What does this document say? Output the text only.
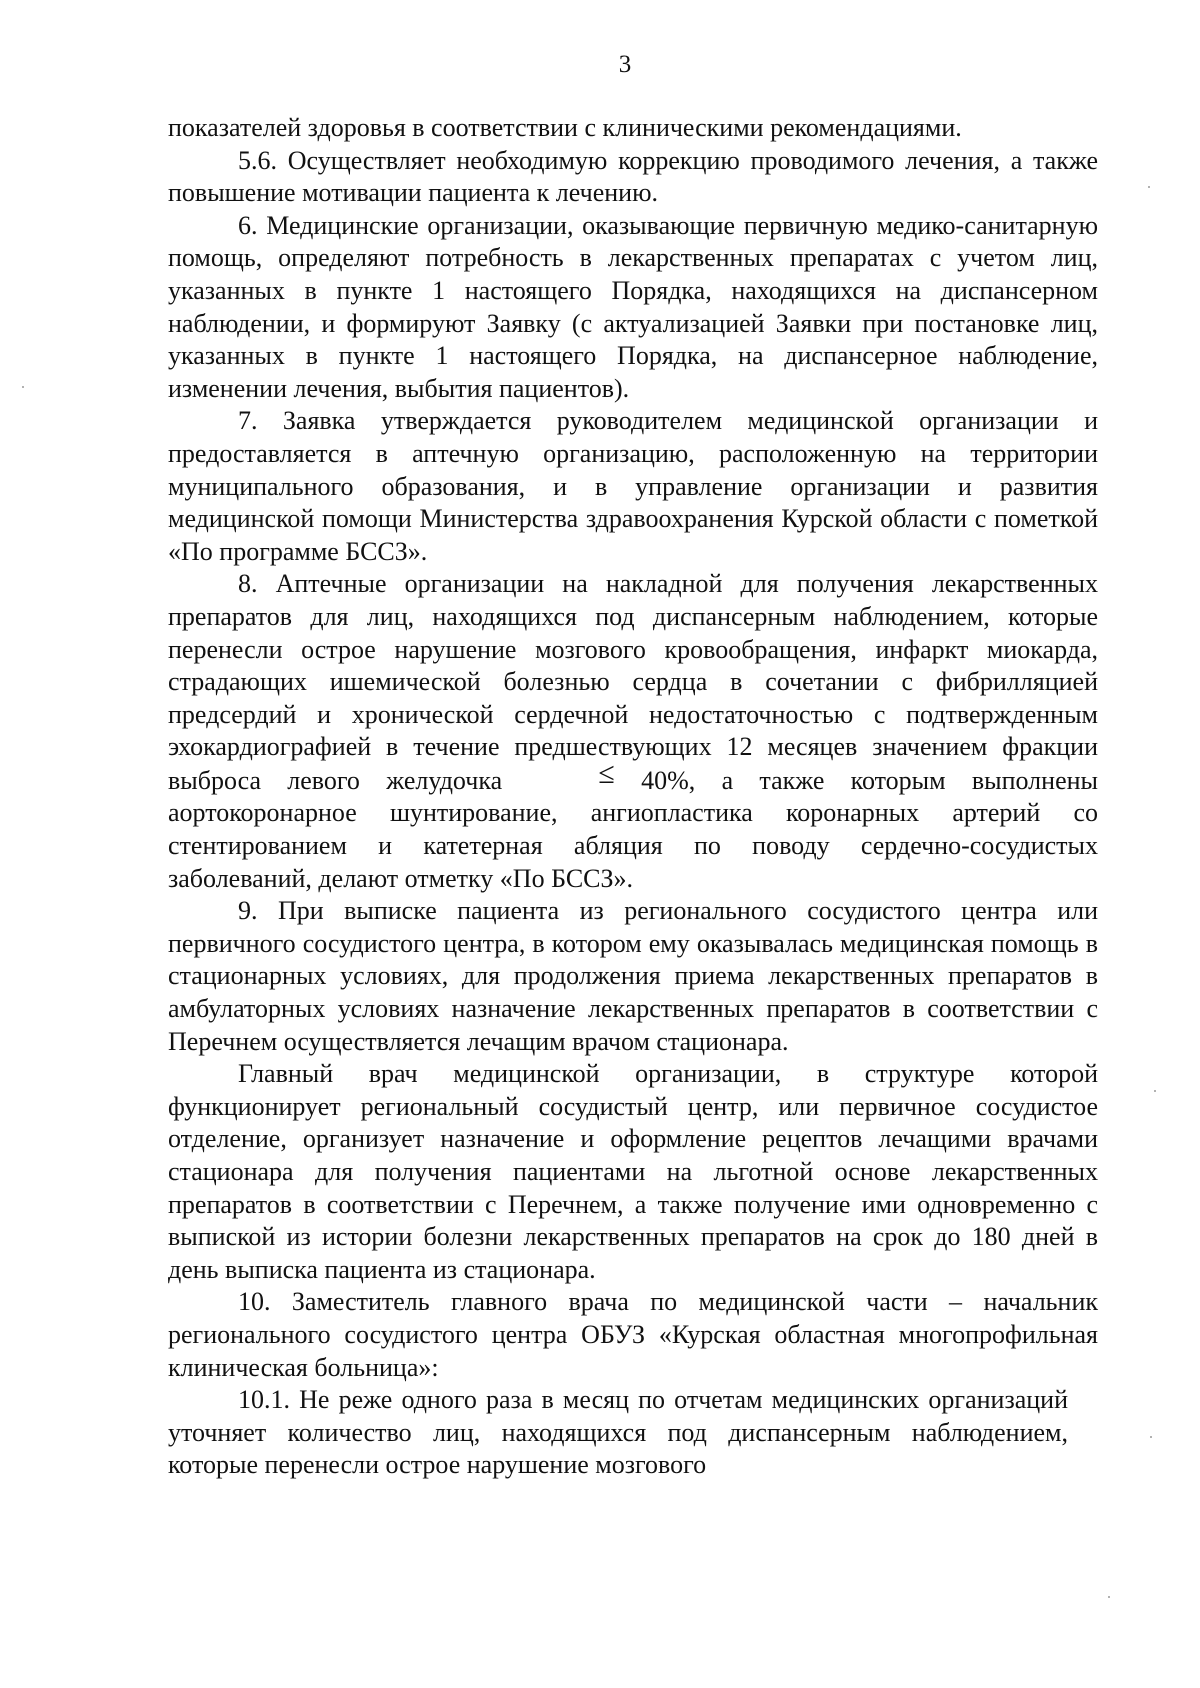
3

показателей здоровья в соответствии с клиническими рекомендациями.

5.6. Осуществляет необходимую коррекцию проводимого лечения, а также повышение мотивации пациента к лечению.

6. Медицинские организации, оказывающие первичную медико-санитарную помощь, определяют потребность в лекарственных препаратах с учетом лиц, указанных в пункте 1 настоящего Порядка, находящихся на диспансерном наблюдении, и формируют Заявку (с актуализацией Заявки при постановке лиц, указанных в пункте 1 настоящего Порядка, на диспансерное наблюдение, изменении лечения, выбытия пациентов).

7. Заявка утверждается руководителем медицинской организации и предоставляется в аптечную организацию, расположенную на территории муниципального образования, и в управление организации и развития медицинской помощи Министерства здравоохранения Курской области с пометкой «По программе БССЗ».

8. Аптечные организации на накладной для получения лекарственных препаратов для лиц, находящихся под диспансерным наблюдением, которые перенесли острое нарушение мозгового кровообращения, инфаркт миокарда, страдающих ишемической болезнью сердца в сочетании с фибрилляцией предсердий и хронической сердечной недостаточностью с подтвержденным эхокардиографией в течение предшествующих 12 месяцев значением фракции выброса левого желудочка ≤ 40%, а также которым выполнены аортокоронарное шунтирование, ангиопластика коронарных артерий со стентированием и катетерная абляция по поводу сердечно-сосудистых заболеваний, делают отметку «По БССЗ».

9. При выписке пациента из регионального сосудистого центра или первичного сосудистого центра, в котором ему оказывалась медицинская помощь в стационарных условиях, для продолжения приема лекарственных препаратов в амбулаторных условиях назначение лекарственных препаратов в соответствии с Перечнем осуществляется лечащим врачом стационара.

Главный врач медицинской организации, в структуре которой функционирует региональный сосудистый центр, или первичное сосудистое отделение, организует назначение и оформление рецептов лечащими врачами стационара для получения пациентами на льготной основе лекарственных препаратов в соответствии с Перечнем, а также получение ими одновременно с выпиской из истории болезни лекарственных препаратов на срок до 180 дней в день выписка пациента из стационара.

10. Заместитель главного врача по медицинской части – начальник регионального сосудистого центра ОБУЗ «Курская областная многопрофильная клиническая больница»:

10.1. Не реже одного раза в месяц по отчетам медицинских организаций уточняет количество лиц, находящихся под диспансерным наблюдением, которые перенесли острое нарушение мозгового
